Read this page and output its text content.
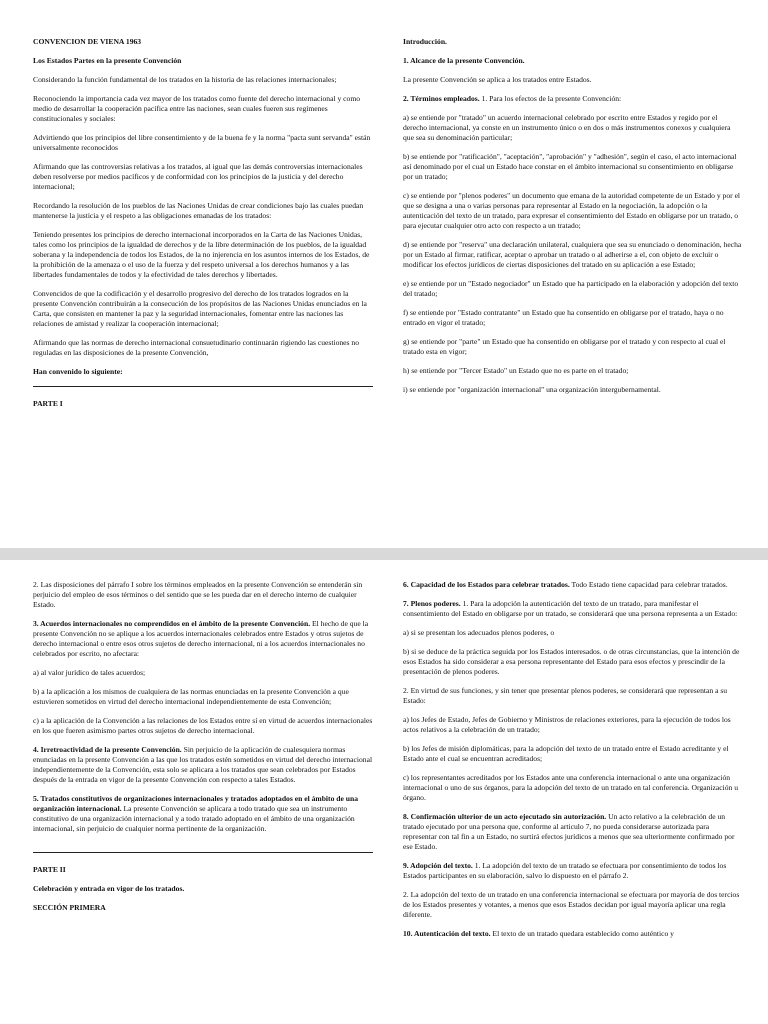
CONVENCION DE VIENA 1963

Los Estados Partes en la presente Convención

Considerando la función fundamental de los tratados en la historia de las relaciones internacionales;

Reconociendo la importancia cada vez mayor de los tratados como fuente del derecho internacional y como medio de desarrollar la cooperación pacífica entre las naciones, sean cuales fueren sus regímenes constitucionales y sociales:

Advirtiendo que los principios del libre consentimiento y de la buena fe y la norma "pacta sunt servanda" están universalmente reconocidos

Afirmando que las controversias relativas a los tratados, al igual que las demás controversias internacionales deben resolverse por medios pacíficos y de conformidad con los principios de la justicia y del derecho internacional;

Recordando la resolución de los pueblos de las Naciones Unidas de crear condiciones bajo las cuales puedan mantenerse la justicia y el respeto a las obligaciones emanadas de los tratados:

Teniendo presentes los principios de derecho internacional incorporados en la Carta de las Naciones Unidas, tales como los principios de la igualdad de derechos y de la libre determinación de los pueblos, de la igualdad soberana y la independencia de todos los Estados, de la no injerencia en los asuntos internos de los Estados, de la prohibición de la amenaza o el uso de la fuerza y del respeto universal a los derechos humanos y a las libertades fundamentales de todos y la efectividad de tales derechos y libertades.

Convencidos de que la codificación y el desarrollo progresivo del derecho de los tratados logrados en la presente Convención contribuirán a la consecución de los propósitos de las Naciones Unidas enunciados en la Carta, que consisten en mantener la paz y la seguridad internacionales, fomentar entre las naciones las relaciones de amistad y realizar la cooperación internacional;

Afirmando que las normas de derecho internacional consuetudinario continuarán rigiendo las cuestiones no reguladas en las disposiciones de la presente Convención,

Han convenido lo siguiente:

PARTE I

Introducción.

1. Alcance de la presente Convención.

La presente Convención se aplica a los tratados entre Estados.

2. Términos empleados. 1. Para los efectos de la presente Convención:

a) se entiende por "tratado" un acuerdo internacional celebrado por escrito entre Estados y regido por el derecho internacional, ya conste en un instrumento único o en dos o más instrumentos conexos y cualquiera que sea su denominación particular;

b) se entiende por "ratificación", "aceptación", "aprobación" y "adhesión", según el caso, el acto internacional así denominado por el cual un Estado hace constar en el ámbito internacional su consentimiento en obligarse por un tratado;

c) se entiende por "plenos poderes" un documento que emana de la autoridad competente de un Estado y por el que se designa a una o varias personas para representar al Estado en la negociación, la adopción o la autenticación del texto de un tratado, para expresar el consentimiento del Estado en obligarse por un tratado, o para ejecutar cualquier otro acto con respecto a un tratado;

d) se entiende por "reserva" una declaración unilateral, cualquiera que sea su enunciado o denominación, hecha por un Estado al firmar, ratificar, aceptar o aprobar un tratado o al adherirse a el, con objeto de excluir o modificar los efectos jurídicos de ciertas disposiciones del tratado en su aplicación a ese Estado;

e) se entiende por un "Estado negociador" un Estado que ha participado en la elaboración y adopción del texto del tratado;

f) se entiende por "Estado contratante" un Estado que ha consentido en obligarse por el tratado, haya o no entrado en vigor el tratado;

g) se entiende por "parte" un Estado que ha consentido en obligarse por el tratado y con respecto al cual el tratado esta en vigor;

h) se entiende por "Tercer Estado" un Estado que no es parte en el tratado;

i) se entiende por "organización internacional" una organización intergubernamental.

2. Las disposiciones del párrafo I sobre los términos empleados en la presente Convención se entenderán sin perjuicio del empleo de esos términos o del sentido que se les pueda dar en el derecho interno de cualquier Estado.

3. Acuerdos internacionales no comprendidos en el ámbito de la presente Convención. El hecho de que la presente Convención no se aplique a los acuerdos internacionales celebrados entre Estados y otros sujetos de derecho internacional o entre esos otros sujetos de derecho internacional, ni a los acuerdos internacionales no celebrados por escrito, no afectara:

a) al valor jurídico de tales acuerdos;

b) a la aplicación a los mismos de cualquiera de las normas enunciadas en la presente Convención a que estuvieren sometidos en virtud del derecho internacional independientemente de esta Convención;

c) a la aplicación de la Convención a las relaciones de los Estados entre sí en virtud de acuerdos internacionales en los que fueren asimismo partes otros sujetos de derecho internacional.

4. Irretroactividad de la presente Convención. Sin perjuicio de la aplicación de cualesquiera normas enunciadas en la presente Convención a las que los tratados estén sometidos en virtud del derecho internacional independientemente de la Convención, esta solo se aplicara a los tratados que sean celebrados por Estados después de la entrada en vigor de la presente Convención con respecto a tales Estados.

5. Tratados constitutivos de organizaciones internacionales y tratados adoptados en el ámbito de una organización internacional. La presente Convención se aplicara a todo tratado que sea un instrumento constitutivo de una organización internacional y a todo tratado adoptado en el ámbito de una organización internacional, sin perjuicio de cualquier norma pertinente de la organización.

PARTE II

Celebración y entrada en vigor de los tratados.

SECCIÓN PRIMERA

6. Capacidad de los Estados para celebrar tratados. Todo Estado tiene capacidad para celebrar tratados.

7. Plenos poderes. 1. Para la adopción la autenticación del texto de un tratado, para manifestar el consentimiento del Estado en obligarse por un tratado, se considerará que una persona representa a un Estado:

a) si se presentan los adecuados plenos poderes, o

b) si se deduce de la práctica seguida por los Estados interesados. o de otras circunstancias, que la intención de esos Estados ha sido considerar a esa persona representante del Estado para esos efectos y prescindir de la presentación de plenos poderes.

2. En virtud de sus funciones, y sin tener que presentar plenos poderes, se considerará que representan a su Estado:

a) los Jefes de Estado, Jefes de Gobierno y Ministros de relaciones exteriores, para la ejecución de todos los actos relativos a la celebración de un tratado;

b) los Jefes de misión diplomáticas, para la adopción del texto de un tratado entre el Estado acreditante y el Estado ante el cual se encuentran acreditados;

c) los representantes acreditados por los Estados ante una conferencia internacional o ante una organización internacional o uno de sus órganos, para la adopción del texto de un tratado en tal conferencia. Organización u órgano.

8. Confirmación ulterior de un acto ejecutado sin autorización. Un acto relativo a la celebración de un tratado ejecutado por una persona que, conforme al articulo 7, no pueda considerarse autorizada para representar con tal fin a un Estado, no surtirá efectos jurídicos a menos que sea ulteriormente confirmado por ese Estado.

9. Adopción del texto. 1. La adopción del texto de un tratado se efectuara por consentimiento de todos los Estados participantes en su elaboración, salvo lo dispuesto en el párrafo 2.

2. La adopción del texto de un tratado en una conferencia internacional se efectuara por mayoría de dos tercios de los Estados presentes y votantes, a menos que esos Estados decidan por igual mayoría aplicar una regla diferente.

10. Autenticación del texto. El texto de un tratado quedara establecido como auténtico y
